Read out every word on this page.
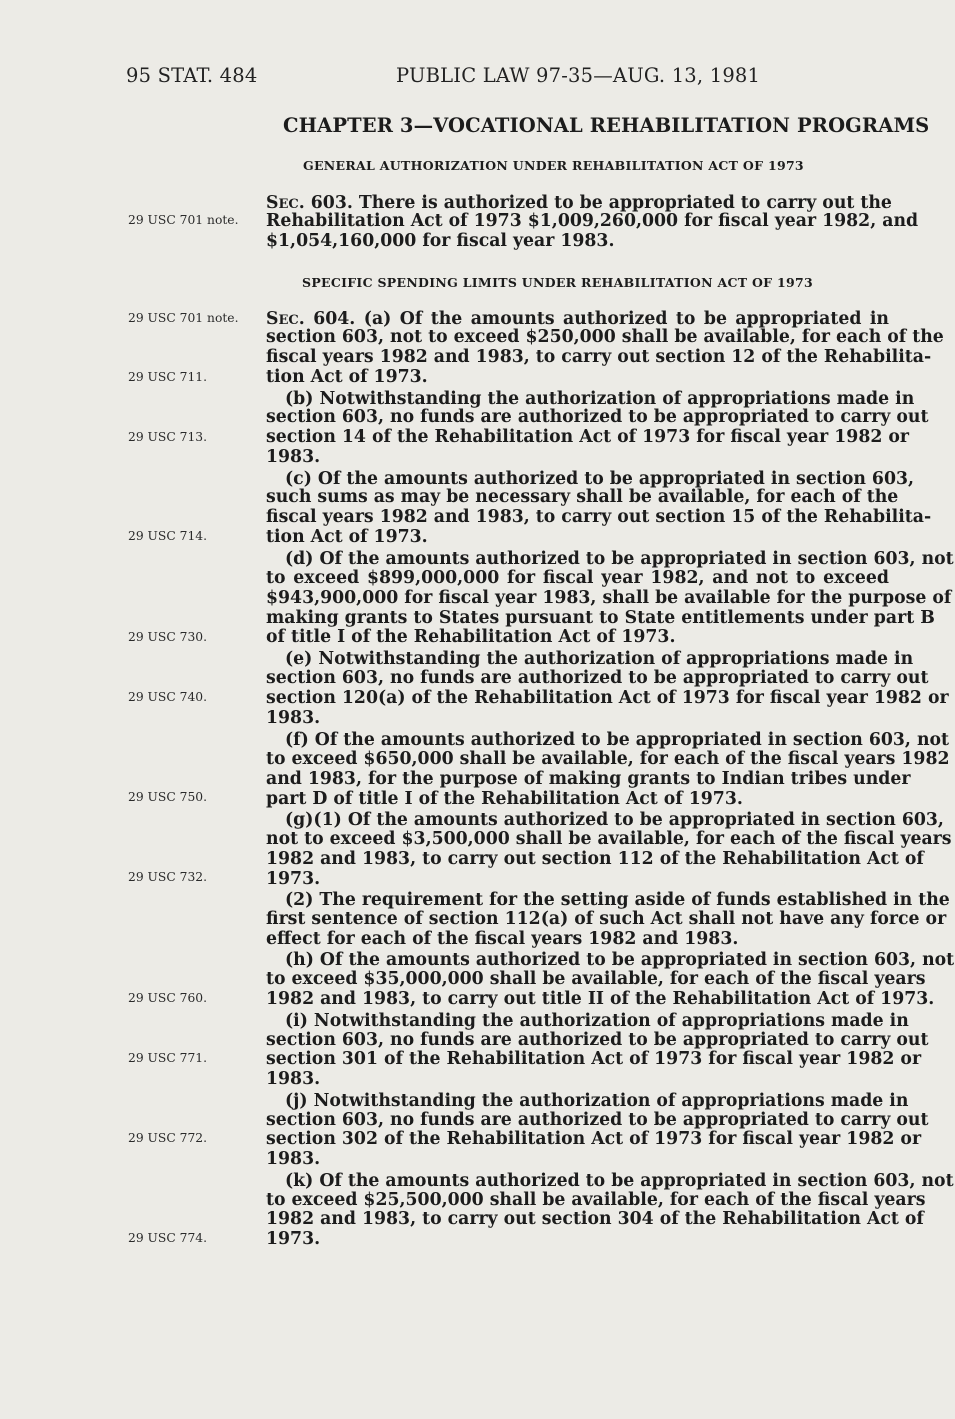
95 STAT. 484	PUBLIC LAW 97-35—AUG. 13, 1981
CHAPTER 3—VOCATIONAL REHABILITATION PROGRAMS
GENERAL AUTHORIZATION UNDER REHABILITATION ACT OF 1973
SPECIFIC SPENDING LIMITS UNDER REHABILITATION ACT OF 1973
SEC. 603. There is authorized to be appropriated to carry out the
Rehabilitation Act of 1973 $1,009,260,000 for fiscal year 1982, and
$1,054,160,000 for fiscal year 1983.
SEC. 604. (a) Of the amounts authorized to be appropriated in
section 603, not to exceed $250,000 shall be available, for each of the
fiscal years 1982 and 1983, to carry out section 12 of the Rehabilita-
tion Act of 1973.
(b) Notwithstanding the authorization of appropriations made in
section 603, no funds are authorized to be appropriated to carry out
section 14 of the Rehabilitation Act of 1973 for fiscal year 1982 or
1983.
(c) Of the amounts authorized to be appropriated in section 603,
such sums as may be necessary shall be available, for each of the
fiscal years 1982 and 1983, to carry out section 15 of the Rehabilita-
tion Act of 1973.
(d) Of the amounts authorized to be appropriated in section 603, not
to exceed $899,000,000 for fiscal year 1982, and not to exceed
$943,900,000 for fiscal year 1983, shall be available for the purpose of
making grants to States pursuant to State entitlements under part B
of title I of the Rehabilitation Act of 1973.
(e) Notwithstanding the authorization of appropriations made in
section 603, no funds are authorized to be appropriated to carry out
section 120(a) of the Rehabilitation Act of 1973 for fiscal year 1982 or
1983.
(f) Of the amounts authorized to be appropriated in section 603, not
to exceed $650,000 shall be available, for each of the fiscal years 1982
and 1983, for the purpose of making grants to Indian tribes under
part D of title I of the Rehabilitation Act of 1973.
(g)(1) Of the amounts authorized to be appropriated in section 603,
not to exceed $3,500,000 shall be available, for each of the fiscal years
1982 and 1983, to carry out section 112 of the Rehabilitation Act of
1973.
(2) The requirement for the setting aside of funds established in the
first sentence of section 112(a) of such Act shall not have any force or
effect for each of the fiscal years 1982 and 1983.
(h) Of the amounts authorized to be appropriated in section 603, not
to exceed $35,000,000 shall be available, for each of the fiscal years
1982 and 1983, to carry out title II of the Rehabilitation Act of 1973.
(i) Notwithstanding the authorization of appropriations made in
section 603, no funds are authorized to be appropriated to carry out
section 301 of the Rehabilitation Act of 1973 for fiscal year 1982 or
1983.
(j) Notwithstanding the authorization of appropriations made in
section 603, no funds are authorized to be appropriated to carry out
section 302 of the Rehabilitation Act of 1973 for fiscal year 1982 or
1983.
(k) Of the amounts authorized to be appropriated in section 603, not
to exceed $25,500,000 shall be available, for each of the fiscal years
1982 and 1983, to carry out section 304 of the Rehabilitation Act of
1973.
29 USC 701 note.
29 USC 701 note.
29 USC 711.
29 USC 713.
29 USC 714.
29 USC 730.
29 USC 740.
29 USC 750.
29 USC 732.
29 USC 760.
29 USC 771.
29 USC 772.
29 USC 774.
